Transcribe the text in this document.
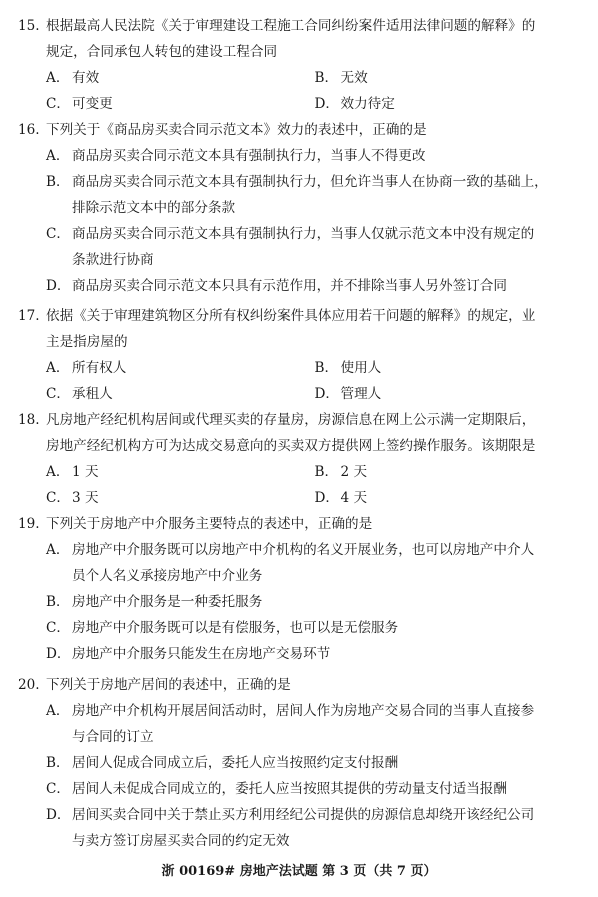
15. 根据最高人民法院《关于审理建设工程施工合同纠纷案件适用法律问题的解释》的
规定，合同承包人转包的建设工程合同
A． 有效	B． 无效
C． 可变更	D． 效力待定
16. 下列关于《商品房买卖合同示范文本》效力的表述中，正确的是
A． 商品房买卖合同示范文本具有强制执行力，当事人不得更改
B． 商品房买卖合同示范文本具有强制执行力，但允许当事人在协商一致的基础上，
排除示范文本中的部分条款
C． 商品房买卖合同示范文本具有强制执行力，当事人仅就示范文本中没有规定的
条款进行协商
D． 商品房买卖合同示范文本只具有示范作用，并不排除当事人另外签订合同
17. 依据《关于审理建筑物区分所有权纠纷案件具体应用若干问题的解释》的规定，业
主是指房屋的
A． 所有权人	B． 使用人
C． 承租人	D． 管理人
18. 凡房地产经纪机构居间或代理买卖的存量房，房源信息在网上公示满一定期限后，
房地产经纪机构方可为达成交易意向的买卖双方提供网上签约操作服务。该期限是
A． 1 天	B． 2 天
C． 3 天	D． 4 天
19. 下列关于房地产中介服务主要特点的表述中，正确的是
A． 房地产中介服务既可以房地产中介机构的名义开展业务，也可以房地产中介人
员个人名义承接房地产中介业务
B． 房地产中介服务是一种委托服务
C． 房地产中介服务既可以是有偿服务，也可以是无偿服务
D． 房地产中介服务只能发生在房地产交易环节
20. 下列关于房地产居间的表述中，正确的是
A． 房地产中介机构开展居间活动时，居间人作为房地产交易合同的当事人直接参
与合同的订立
B． 居间人促成合同成立后，委托人应当按照约定支付报酬
C． 居间人未促成合同成立的，委托人应当按照其提供的劳动量支付适当报酬
D． 居间买卖合同中关于禁止买方利用经纪公司提供的房源信息却绕开该经纪公司
与卖方签订房屋买卖合同的约定无效
浙 00169# 房地产法试题 第 3 页（共 7 页）
